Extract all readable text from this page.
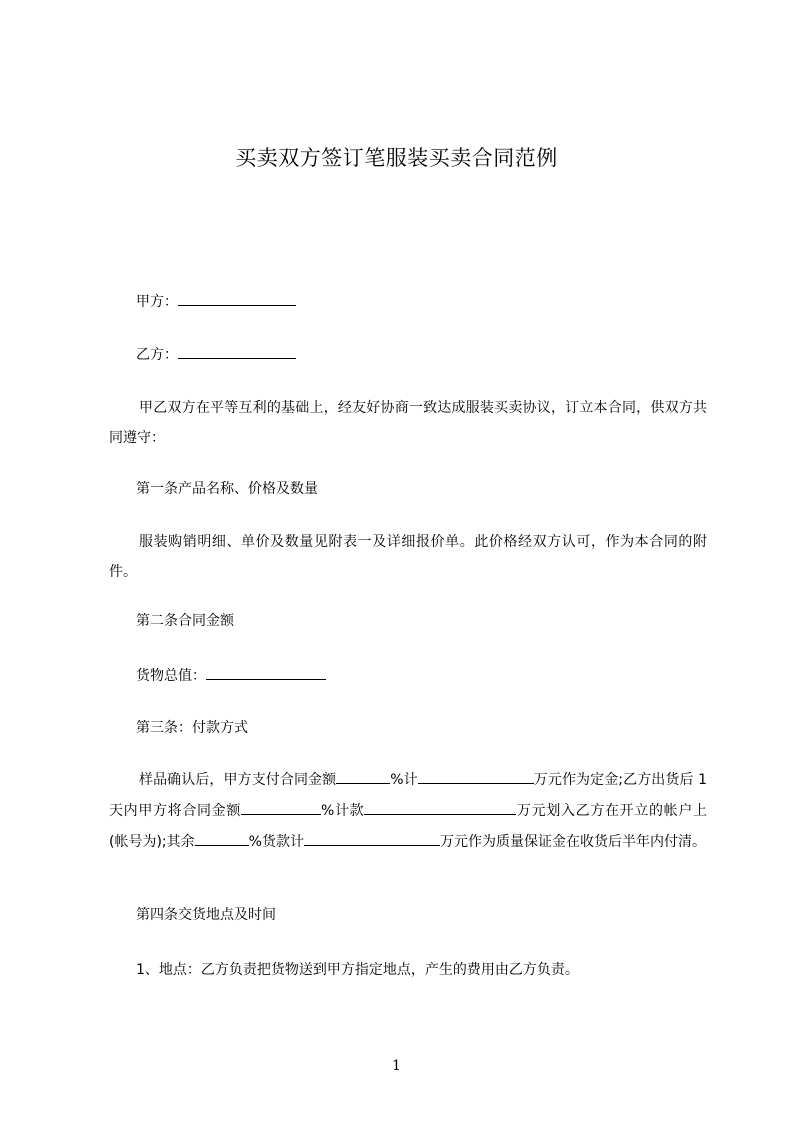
买卖双方签订笔服装买卖合同范例
甲方：
乙方：
甲乙双方在平等互利的基础上，经友好协商一致达成服装买卖协议，订立本合同，供双方共同遵守：
第一条产品名称、价格及数量
服装购销明细、单价及数量见附表一及详细报价单。此价格经双方认可，作为本合同的附件。
第二条合同金额
货物总值：
第三条：付款方式
样品确认后，甲方支付合同金额	%计	万元作为定金;乙方出货后 1 天内甲方将合同金额	%计款	万元划入乙方在开立的帐户上(帐号为);其余	%货款计	万元作为质量保证金在收货后半年内付清。
第四条交货地点及时间
1、地点：乙方负责把货物送到甲方指定地点，产生的费用由乙方负责。
1
